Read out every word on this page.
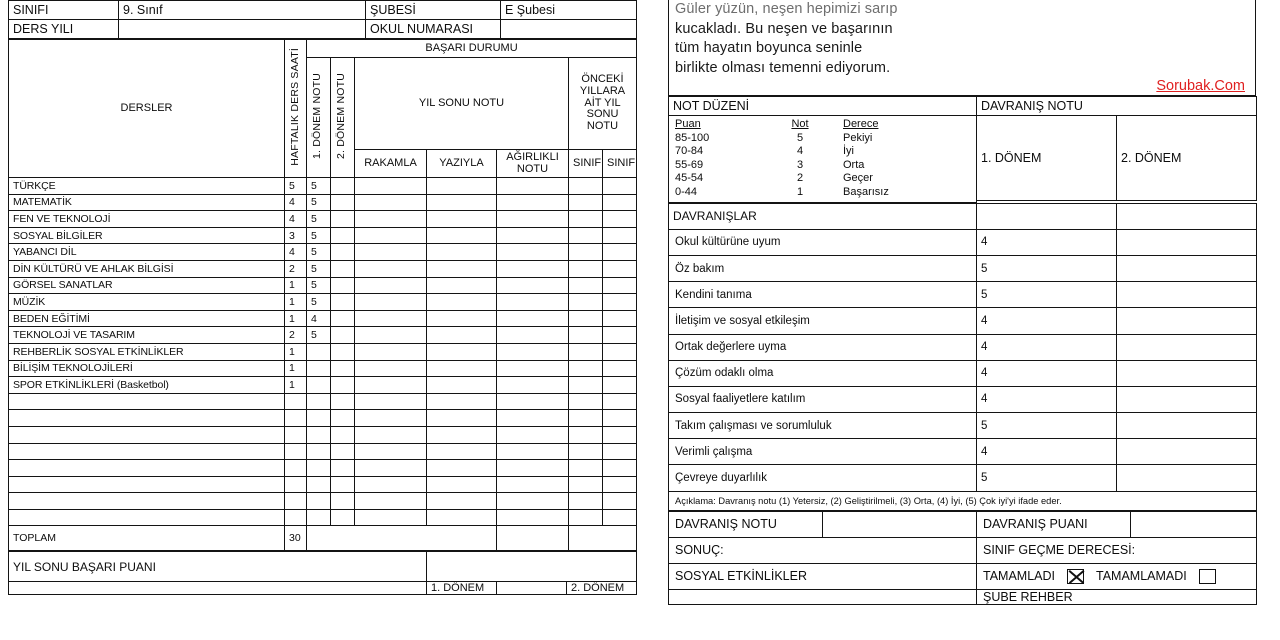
SINIFI	9. Sınıf	ŞUBESİ	E Şubesi
DERS YILI		OKUL NUMARASI	
DERSLER	HAFTALIK DERS SAATİ	BAŞARI DURUMU						
		1. DÖNEM NOTU	2. DÖNEM NOTU	YIL SONU NOTU			ÖNCEKİ YILLARA AİT YIL SONU NOTU	
				RAKAMLA	YAZIYLA	AĞIRLIKLI NOTU	SINIF	SINIF
TÜRKÇE	5	5						
MATEMATİK	4	5						
FEN VE TEKNOLOJİ	4	5						
SOSYAL BİLGİLER	3	5						
YABANCI DİL	4	5						
DİN KÜLTÜRÜ VE AHLAK BİLGİSİ	2	5						
GÖRSEL SANATLAR	1	5						
MÜZİK	1	5						
BEDEN EĞİTİMİ	1	4						
TEKNOLOJİ VE TASARIM	2	5						
REHBERLİK SOSYAL ETKİNLİKLER	1							
BİLİŞİM TEKNOLOJİLERİ	1							
SPOR ETKİNLİKLERİ (Basketbol)	1							

TOPLAM	30							
YIL SONU BAŞARI PUANI			
	1. DÖNEM		2. DÖNEM
Güler yüzün, neşen hepimizi sarıp
kucakladı. Bu neşen ve başarının
tüm hayatın boyunca seninle
birlikte olması temenni ediyorum.
Sorubak.Com
NOT DÜZENİ	DAVRANIŞ NOTU	

Puan	Not	Derece
85-100	5	Pekiyi
70-84	4	İyi
55-69	3	Orta
45-54	2	Geçer
0-44	1	Başarısız
	1. DÖNEM	2. DÖNEM

DAVRANIŞLAR		
Okul kültürüne uyum	4	
Öz bakım	5	
Kendini tanıma	5	
İletişim ve sosyal etkileşim	4	
Ortak değerlere uyma	4	
Çözüm odaklı olma	4	
Sosyal faaliyetlere katılım	4	
Takım çalışması ve sorumluluk	5	
Verimli çalışma	4	
Çevreye duyarlılık	5	
Açıklama: Davranış notu (1) Yetersiz, (2) Geliştirilmeli, (3) Orta, (4) İyi, (5) Çok iyi'yi ifade eder.		
DAVRANIŞ NOTU		DAVRANIŞ PUANI	
SONUÇ:		SINIF GEÇME DERECESİ:	
SOSYAL ETKİNLİKLER		TAMAMLADI TAMAMLAMADI	

		ŞUBE REHBER	
